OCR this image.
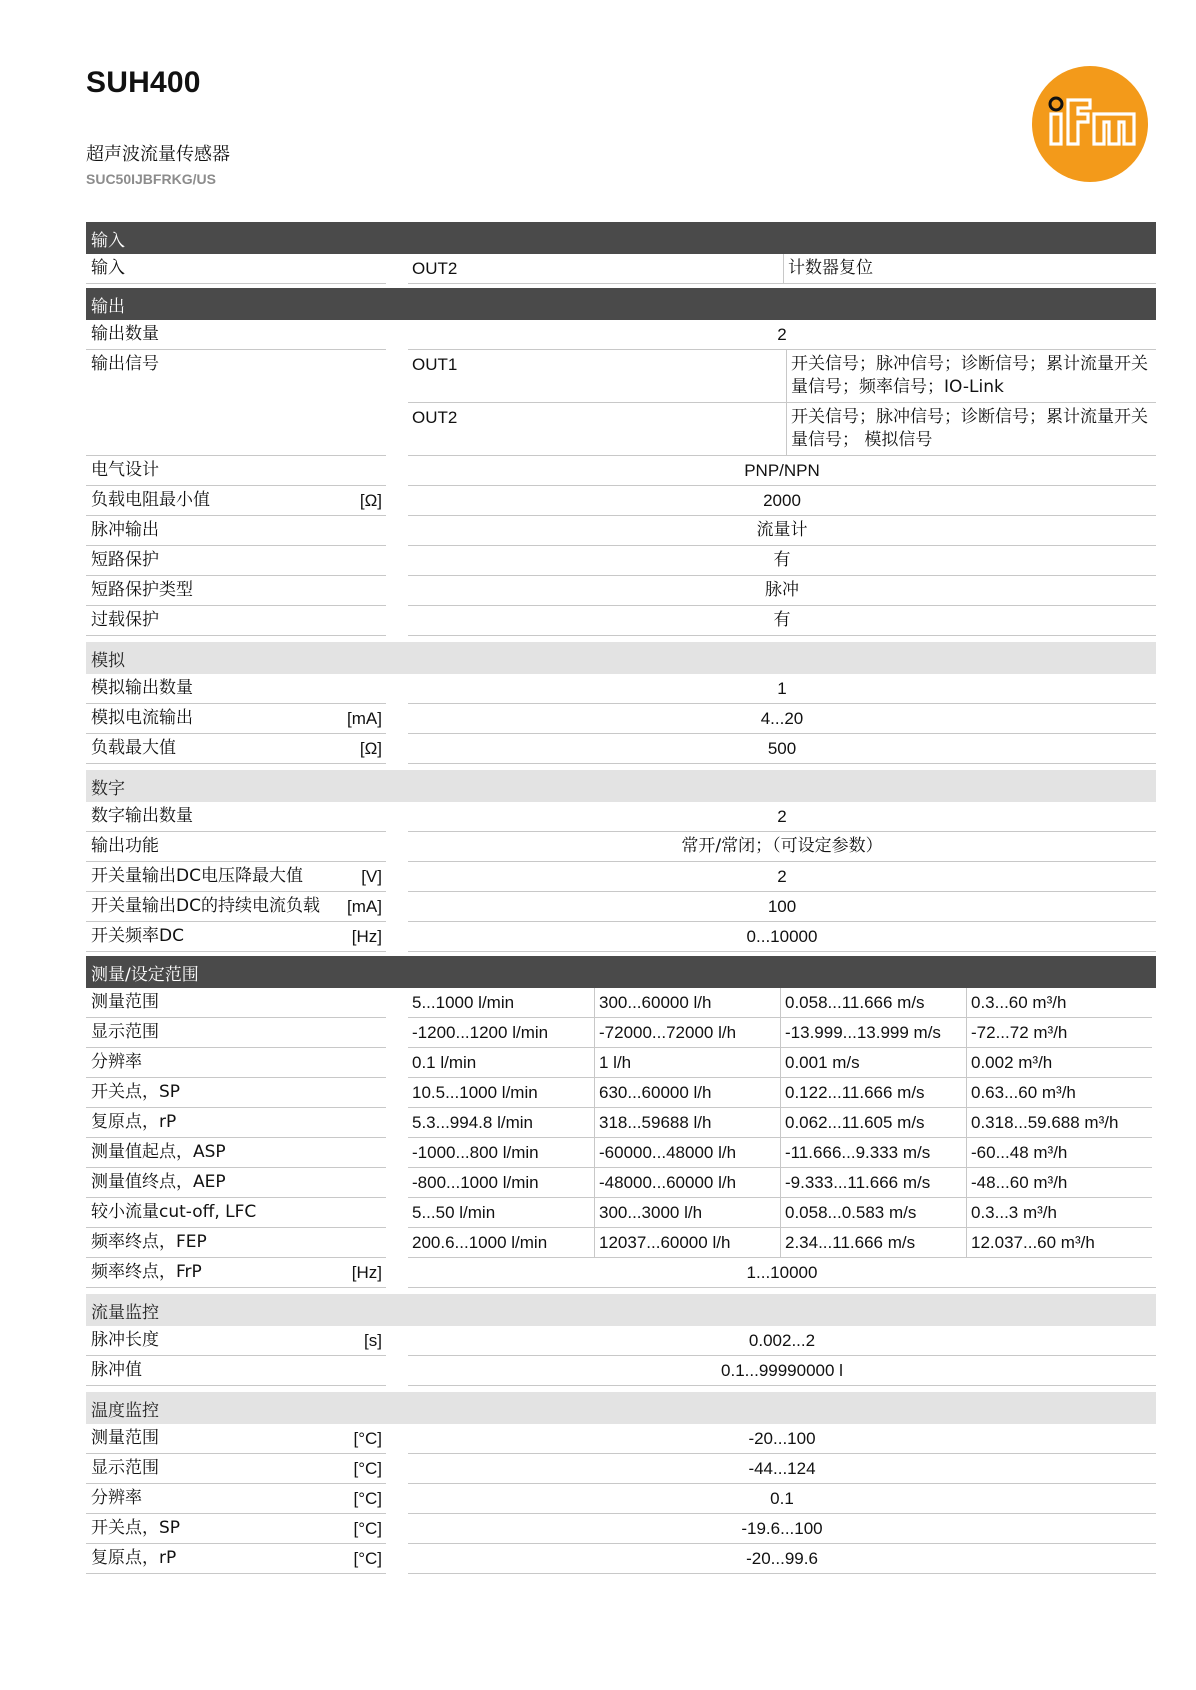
SUH400
超声波流量传感器
SUC50IJBFRKG/US
输入
输入	OUT2	计数器复位
输出
输出数量	2
输出信号	OUT1	开关信号；脉冲信号；诊断信号；累计流量开关量信号；频率信号；IO-Link
OUT2	开关信号；脉冲信号；诊断信号；累计流量开关量信号； 模拟信号
电气设计	PNP/NPN
负载电阻最小值	[Ω]	2000
脉冲输出	流量计
短路保护	有
短路保护类型	脉冲
过载保护	有
模拟
模拟输出数量	1
模拟电流输出	[mA]	4...20
负载最大值	[Ω]	500
数字
数字输出数量	2
输出功能	常开/常闭；（可设定参数）
开关量输出DC电压降最大值	[V]	2
开关量输出DC的持续电流负载	[mA]	100
开关频率DC	[Hz]	0...10000
测量/设定范围
测量范围	5...1000 l/min	300...60000 l/h	0.058...11.666 m/s	0.3...60 m³/h
显示范围	-1200...1200 l/min	-72000...72000 l/h	-13.999...13.999 m/s	-72...72 m³/h
分辨率	0.1 l/min	1 l/h	0.001 m/s	0.002 m³/h
开关点，SP	10.5...1000 l/min	630...60000 l/h	0.122...11.666 m/s	0.63...60 m³/h
复原点，rP	5.3...994.8 l/min	318...59688 l/h	0.062...11.605 m/s	0.318...59.688 m³/h
测量值起点，ASP	-1000...800 l/min	-60000...48000 l/h	-11.666...9.333 m/s	-60...48 m³/h
测量值终点，AEP	-800...1000 l/min	-48000...60000 l/h	-9.333...11.666 m/s	-48...60 m³/h
较小流量cut-off, LFC	5...50 l/min	300...3000 l/h	0.058...0.583 m/s	0.3...3 m³/h
频率终点，FEP	200.6...1000 l/min	12037...60000 l/h	2.34...11.666 m/s	12.037...60 m³/h
频率终点，FrP	[Hz]	1...10000
流量监控
脉冲长度	[s]	0.002...2
脉冲值	0.1...99990000 l
温度监控
测量范围	[°C]	-20...100
显示范围	[°C]	-44...124
分辨率	[°C]	0.1
开关点，SP	[°C]	-19.6...100
复原点，rP	[°C]	-20...99.6
